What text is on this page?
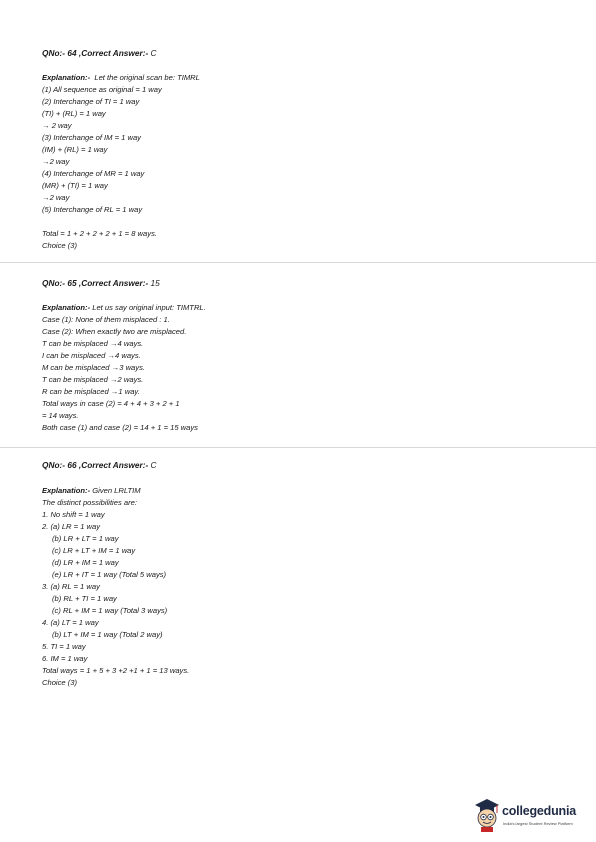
QNo:- 64 ,Correct Answer:- C
Explanation:- Let the original scan be: TIMRL
(1) All sequence as original = 1 way
(2) Interchange of TI = 1 way
(TI) + (RL) = 1 way
→ 2 way
(3) Interchange of IM = 1 way
(IM) + (RL) = 1 way
→2 way
(4) Interchange of MR = 1 way
(MR) + (TI) = 1 way
→2 way
(5) Interchange of RL = 1 way
Total = 1 + 2 + 2 + 2 + 1 = 8 ways.
Choice (3)
QNo:- 65 ,Correct Answer:- 15
Explanation:- Let us say original input: TIMTRL.
Case (1): None of them misplaced : 1.
Case (2): When exactly two are misplaced.
T can be misplaced →4 ways.
I can be misplaced →4 ways.
M can be misplaced →3 ways.
T can be misplaced →2 ways.
R can be misplaced →1 way.
Total ways in case (2) = 4 + 4 + 3 + 2 + 1
= 14 ways.
Both case (1) and case (2) = 14 + 1 = 15 ways
QNo:- 66 ,Correct Answer:- C
Explanation:- Given LRLTIM
The distinct possibilities are:
1. No shift = 1 way
2. (a) LR = 1 way
(b) LR + LT = 1 way
(c) LR + LT + IM = 1 way
(d) LR + IM = 1 way
(e) LR + IT = 1 way (Total 5 ways)
3. (a) RL = 1 way
(b) RL + TI = 1 way
(c) RL + IM = 1 way (Total 3 ways)
4. (a) LT = 1 way
(b) LT + IM = 1 way (Total 2 way)
5. TI = 1 way
6. IM = 1 way
Total ways = 1 + 5 + 3 +2 +1 + 1 = 13 ways.
Choice (3)
collegedunia
India's largest Student Review Platform
